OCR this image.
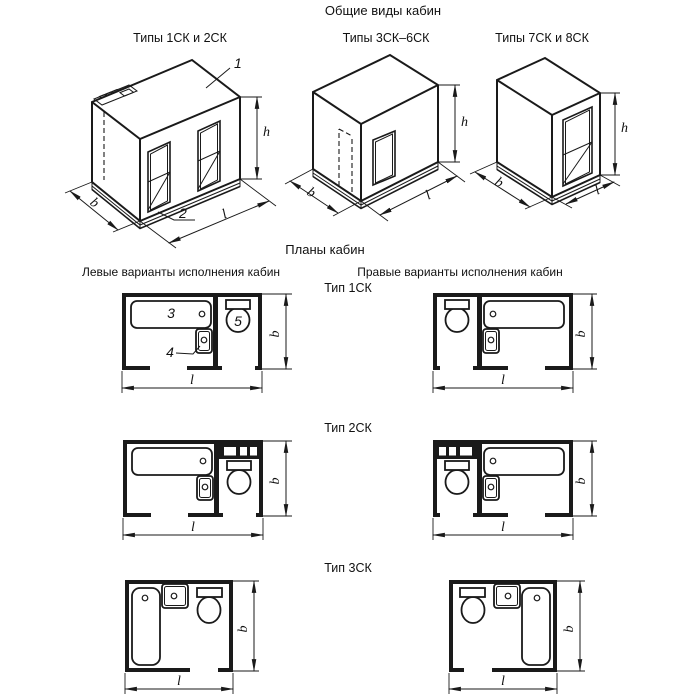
Общие виды кабин
Типы 1СК и 2СК	Типы 3СК–6СК	Типы 7СК и 8СК
Планы кабин
Левые варианты исполнения кабин	Правые варианты исполнения кабин
Тип 1СК
Тип 2СК
Тип 3СК
1
2
b
l
h
b	l
h
b	l
h
3
4
5
b
l
b
l
b
l
b
l
b
l
b
l
